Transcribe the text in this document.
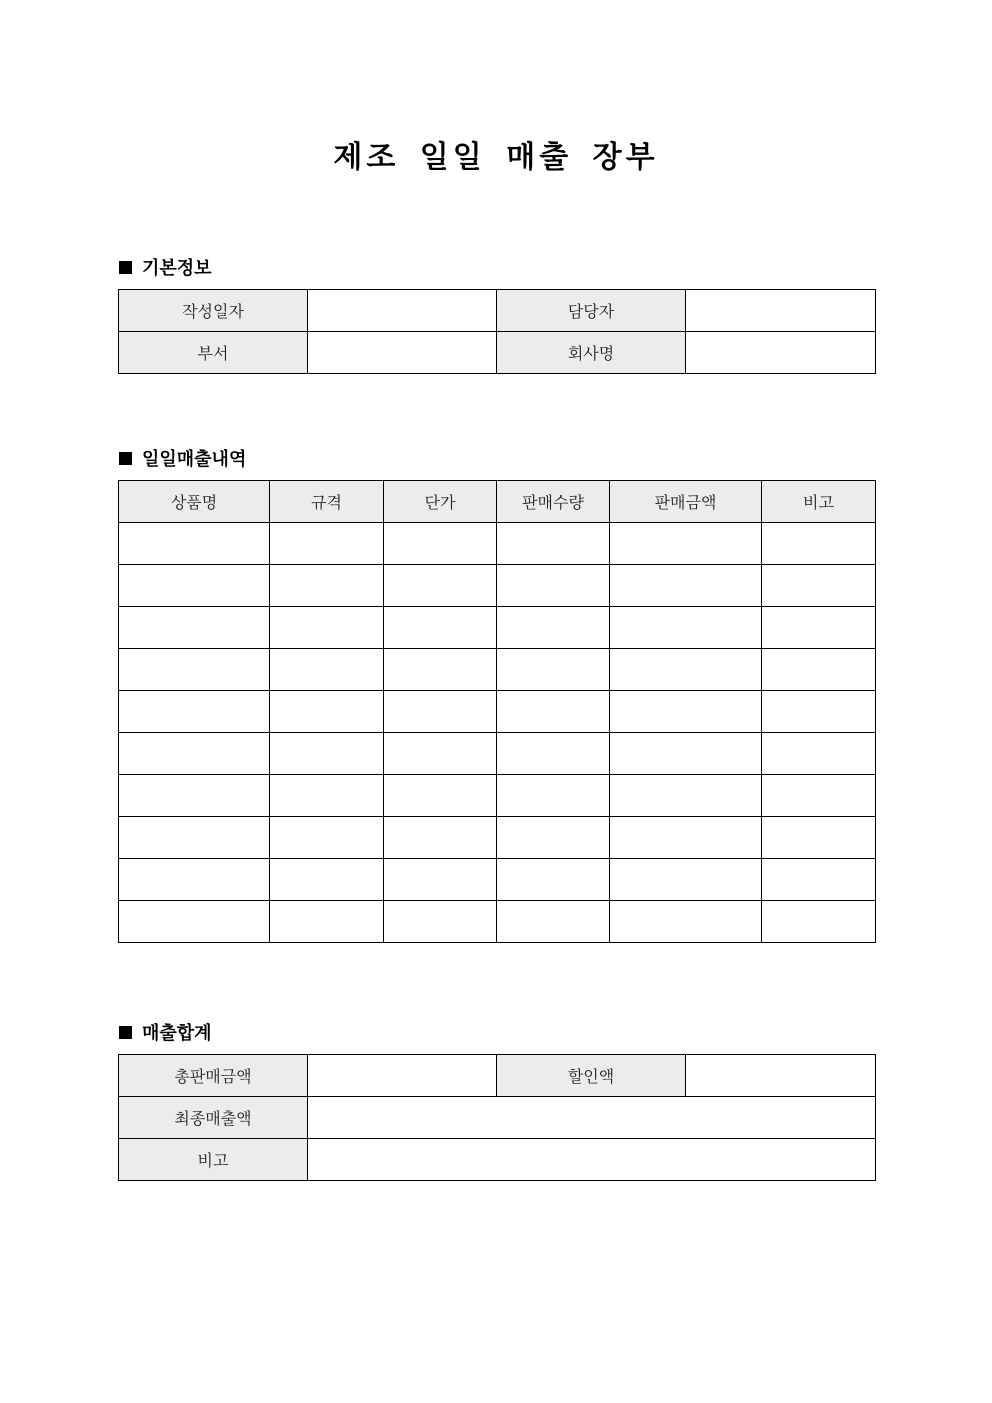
제조 일일 매출 장부
기본정보
작성일자		담당자	
부서		회사명	
일일매출내역
상품명	규격	단가	판매수량	판매금액	비고

매출합계
총판매금액		할인액	
최종매출액			
비고			
